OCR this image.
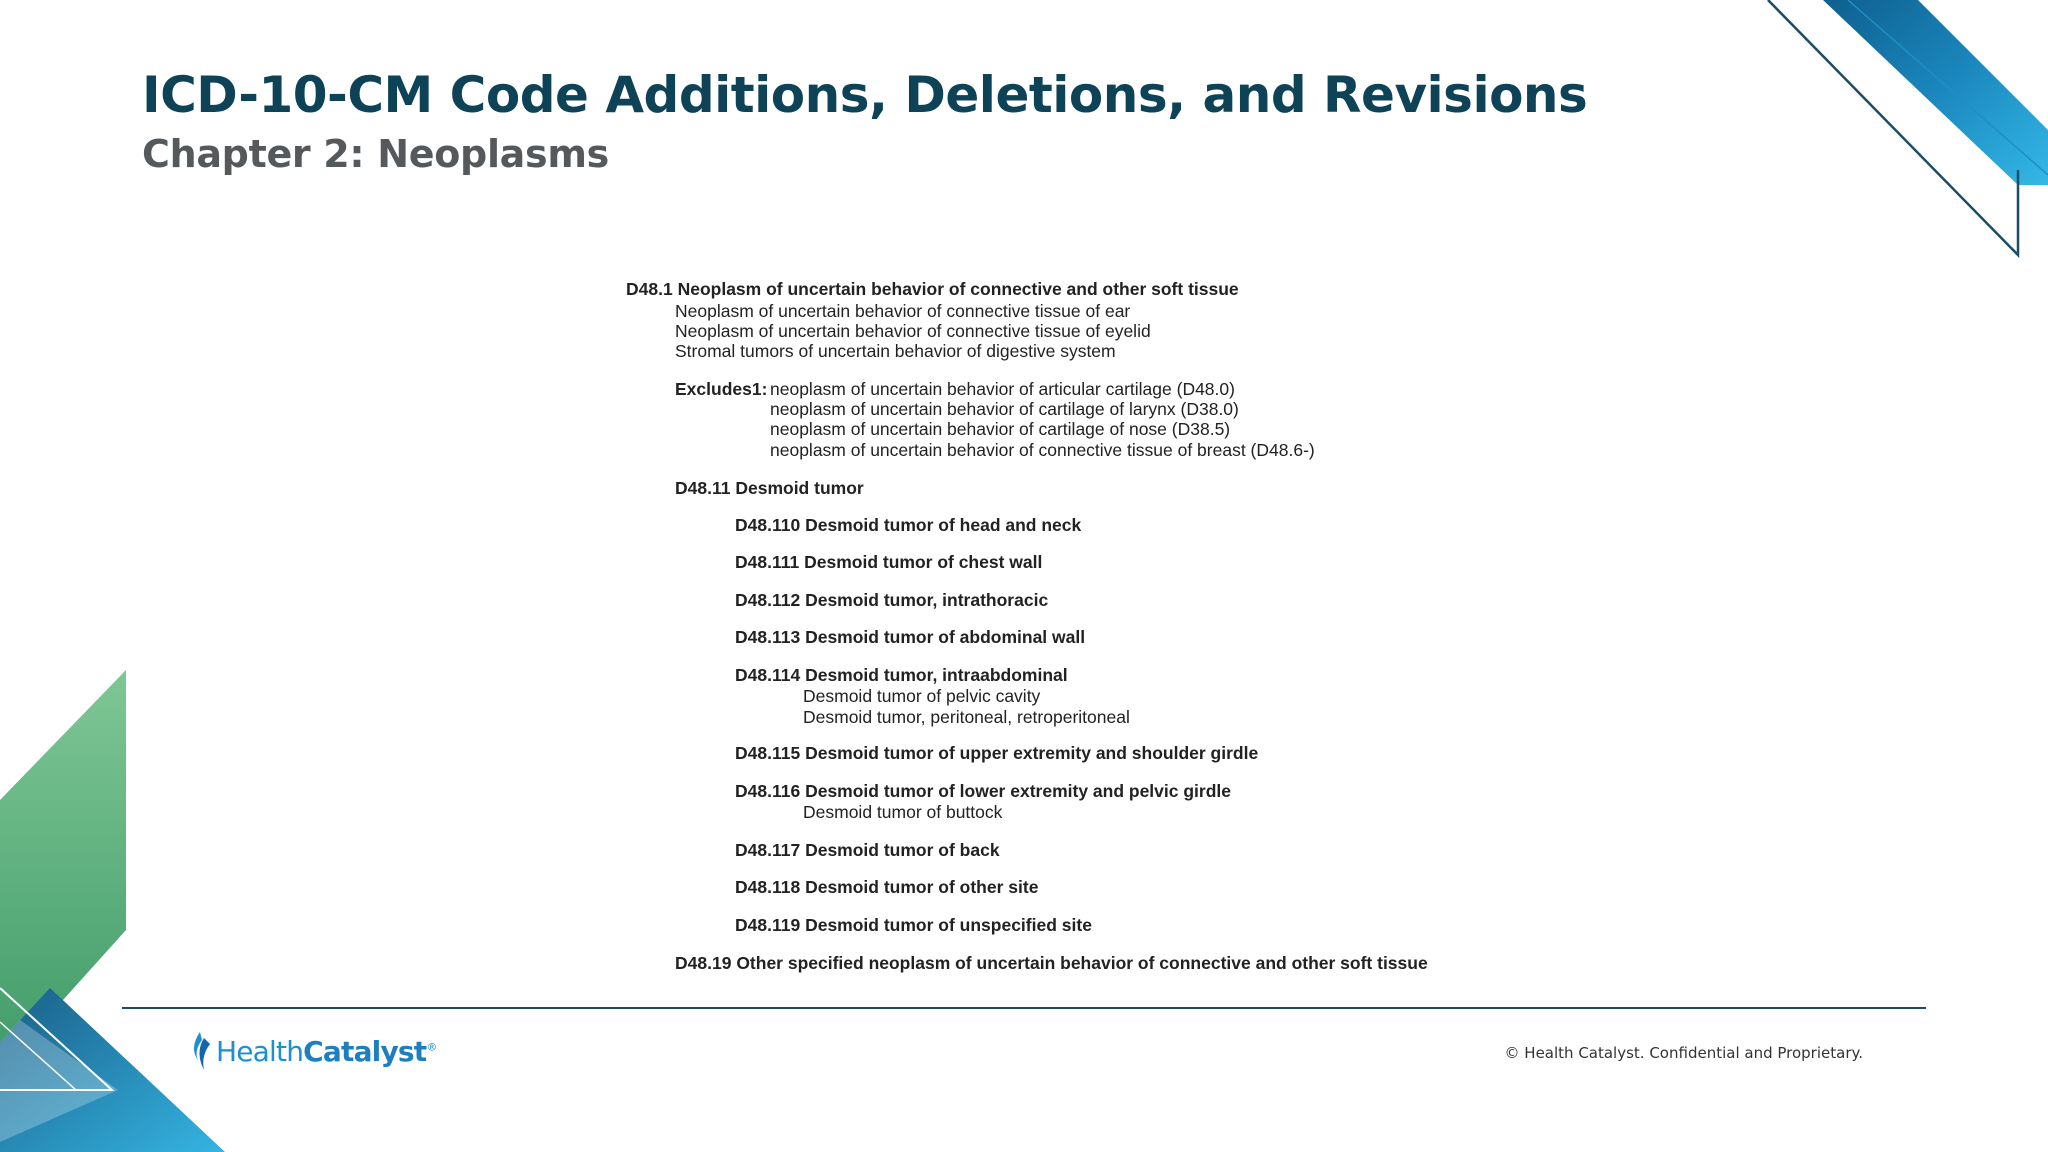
ICD-10-CM Code Additions, Deletions, and Revisions
Chapter 2: Neoplasms
D48.1 Neoplasm of uncertain behavior of connective and other soft tissue
Neoplasm of uncertain behavior of connective tissue of ear
Neoplasm of uncertain behavior of connective tissue of eyelid
Stromal tumors of uncertain behavior of digestive system
Excludes1: neoplasm of uncertain behavior of articular cartilage (D48.0)
neoplasm of uncertain behavior of cartilage of larynx (D38.0)
neoplasm of uncertain behavior of cartilage of nose (D38.5)
neoplasm of uncertain behavior of connective tissue of breast (D48.6-)
D48.11 Desmoid tumor
D48.110 Desmoid tumor of head and neck
D48.111 Desmoid tumor of chest wall
D48.112 Desmoid tumor, intrathoracic
D48.113 Desmoid tumor of abdominal wall
D48.114 Desmoid tumor, intraabdominal
Desmoid tumor of pelvic cavity
Desmoid tumor, peritoneal, retroperitoneal
D48.115 Desmoid tumor of upper extremity and shoulder girdle
D48.116 Desmoid tumor of lower extremity and pelvic girdle
Desmoid tumor of buttock
D48.117 Desmoid tumor of back
D48.118 Desmoid tumor of other site
D48.119 Desmoid tumor of unspecified site
D48.19 Other specified neoplasm of uncertain behavior of connective and other soft tissue
HealthCatalyst®	© Health Catalyst. Confidential and Proprietary.
